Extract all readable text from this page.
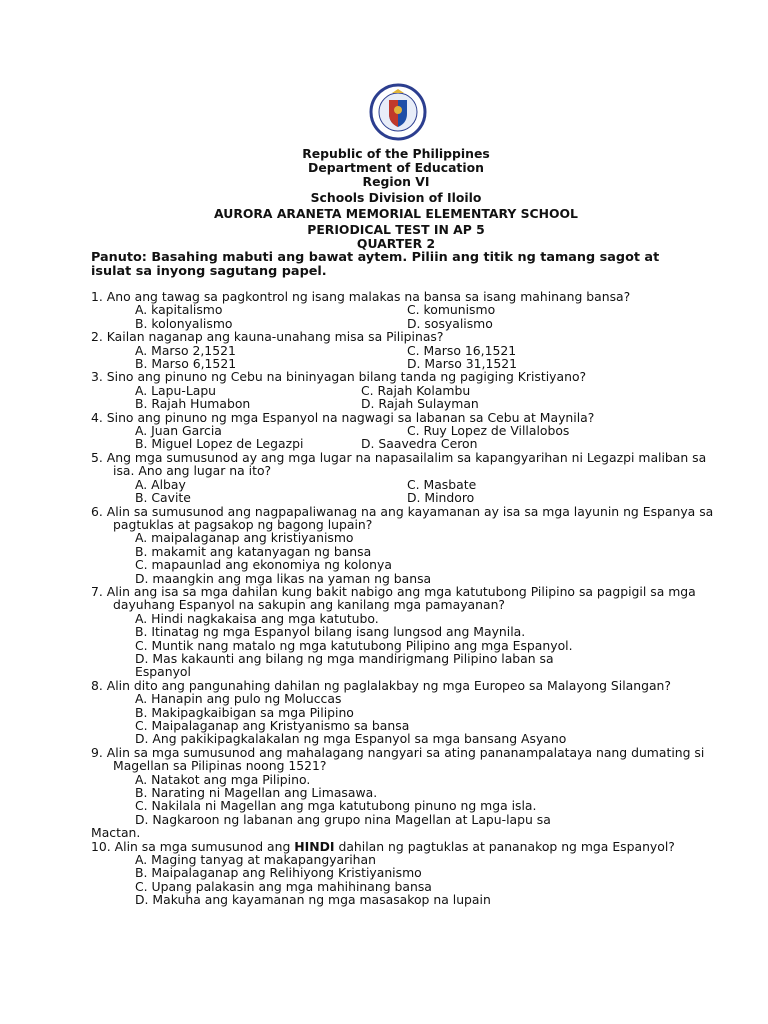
Republic of the Philippines
Department of Education
Region VI
Schools Division of Iloilo
AURORA ARANETA MEMORIAL ELEMENTARY SCHOOL
PERIODICAL TEST IN AP 5
QUARTER 2
Panuto: Basahing mabuti ang bawat aytem. Piliin ang titik ng tamang sagot at isulat sa inyong sagutang papel.
1. Ano ang tawag sa pagkontrol ng isang malakas na bansa sa isang mahinang bansa?
A. kapitalismo	C. komunismo
B. kolonyalismo	D. sosyalismo
2. Kailan naganap ang kauna-unahang misa sa Pilipinas?
A. Marso 2,1521	C. Marso 16,1521
B. Marso 6,1521	D. Marso 31,1521
3. Sino ang pinuno ng Cebu na bininyagan bilang tanda ng pagiging Kristiyano?
A. Lapu-Lapu	C. Rajah Kolambu
B. Rajah Humabon	D. Rajah Sulayman
4. Sino ang pinuno ng mga Espanyol na nagwagi sa labanan sa Cebu at Maynila?
A. Juan Garcia	C. Ruy Lopez de Villalobos
B. Miguel Lopez de Legazpi	D. Saavedra Ceron
5. Ang mga sumusunod ay ang mga lugar na napasailalim sa kapangyarihan ni Legazpi maliban sa isa. Ano ang lugar na ito?
A. Albay	C. Masbate
B. Cavite	D. Mindoro
6. Alin sa sumusunod ang nagpapaliwanag na ang kayamanan ay isa sa mga layunin ng Espanya sa pagtuklas at pagsakop ng bagong lupain?
A. maipalaganap ang kristiyanismo
B. makamit ang katanyagan ng bansa
C. mapaunlad ang ekonomiya ng kolonya
D. maangkin ang mga likas na yaman ng bansa
7. Alin ang isa sa mga dahilan kung bakit nabigo ang mga katutubong Pilipino sa pagpigil sa mga dayuhang Espanyol na sakupin ang kanilang mga pamayanan?
A. Hindi nagkakaisa ang mga katutubo.
B. Itinatag ng mga Espanyol bilang isang lungsod ang Maynila.
C. Muntik nang matalo ng mga katutubong Pilipino ang mga Espanyol.
D. Mas kakaunti ang bilang ng mga mandirigmang Pilipino laban sa
Espanyol
8. Alin dito ang pangunahing dahilan ng paglalakbay ng mga Europeo sa Malayong Silangan?
A. Hanapin ang pulo ng Moluccas
B. Makipagkaibigan sa mga Pilipino
C. Maipalaganap ang Kristyanismo sa bansa
D. Ang pakikipagkalakalan ng mga Espanyol sa mga bansang Asyano
9. Alin sa mga sumusunod ang mahalagang nangyari sa ating pananampalataya nang dumating si Magellan sa Pilipinas noong 1521?
A. Natakot ang mga Pilipino.
B. Narating ni Magellan ang Limasawa.
C. Nakilala ni Magellan ang mga katutubong pinuno ng mga isla.
D. Nagkaroon ng labanan ang grupo nina Magellan at Lapu-lapu sa
Mactan.
10. Alin sa mga sumusunod ang HINDI dahilan ng pagtuklas at pananakop ng mga Espanyol?
A. Maging tanyag at makapangyarihan
B. Maipalaganap ang Relihiyong Kristiyanismo
C. Upang palakasin ang mga mahihinang bansa
D. Makuha ang kayamanan ng mga masasakop na lupain
